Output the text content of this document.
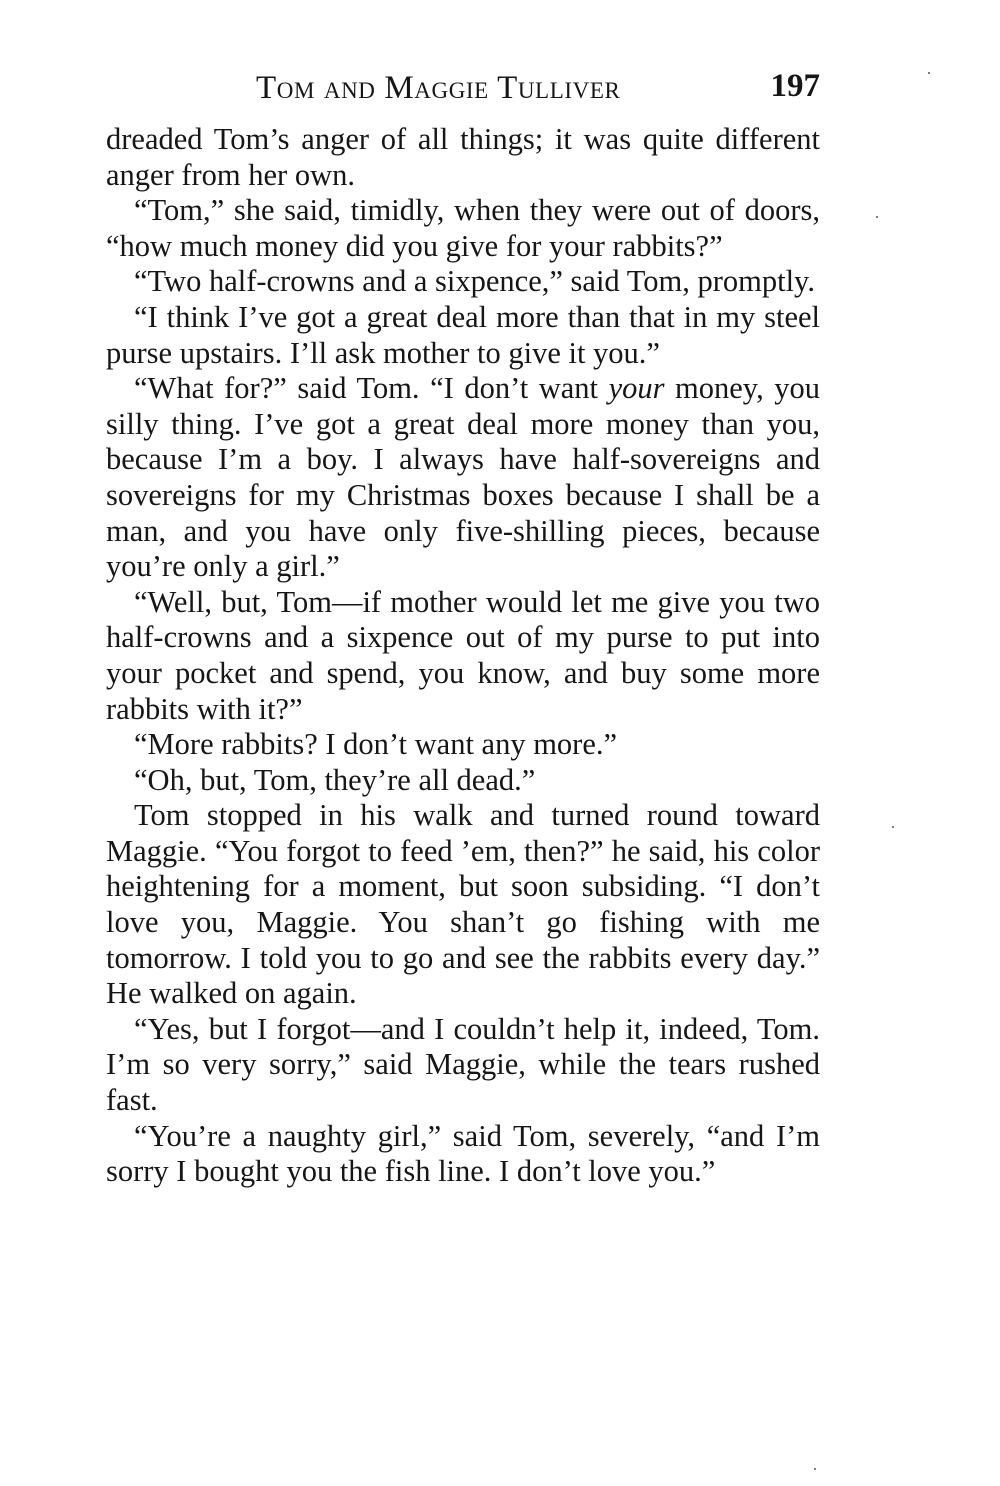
Tom and Maggie Tulliver	197

dreaded Tom’s anger of all things; it was quite different anger from her own.

“Tom,” she said, timidly, when they were out of doors, “how much money did you give for your rabbits?”

“Two half-crowns and a sixpence,” said Tom, promptly.

“I think I’ve got a great deal more than that in my steel purse upstairs. I’ll ask mother to give it you.”

“What for?” said Tom. “I don’t want your money, you silly thing. I’ve got a great deal more money than you, because I’m a boy. I always have half-sovereigns and sovereigns for my Christmas boxes because I shall be a man, and you have only five-shilling pieces, because you’re only a girl.”

“Well, but, Tom—if mother would let me give you two half-crowns and a sixpence out of my purse to put into your pocket and spend, you know, and buy some more rabbits with it?”

“More rabbits? I don’t want any more.”

“Oh, but, Tom, they’re all dead.”

Tom stopped in his walk and turned round toward Maggie. “You forgot to feed ’em, then?” he said, his color heightening for a moment, but soon subsiding. “I don’t love you, Maggie. You shan’t go fishing with me tomorrow. I told you to go and see the rabbits every day.” He walked on again.

“Yes, but I forgot—and I couldn’t help it, indeed, Tom. I’m so very sorry,” said Maggie, while the tears rushed fast.

“You’re a naughty girl,” said Tom, severely, “and I’m sorry I bought you the fish line. I don’t love you.”
